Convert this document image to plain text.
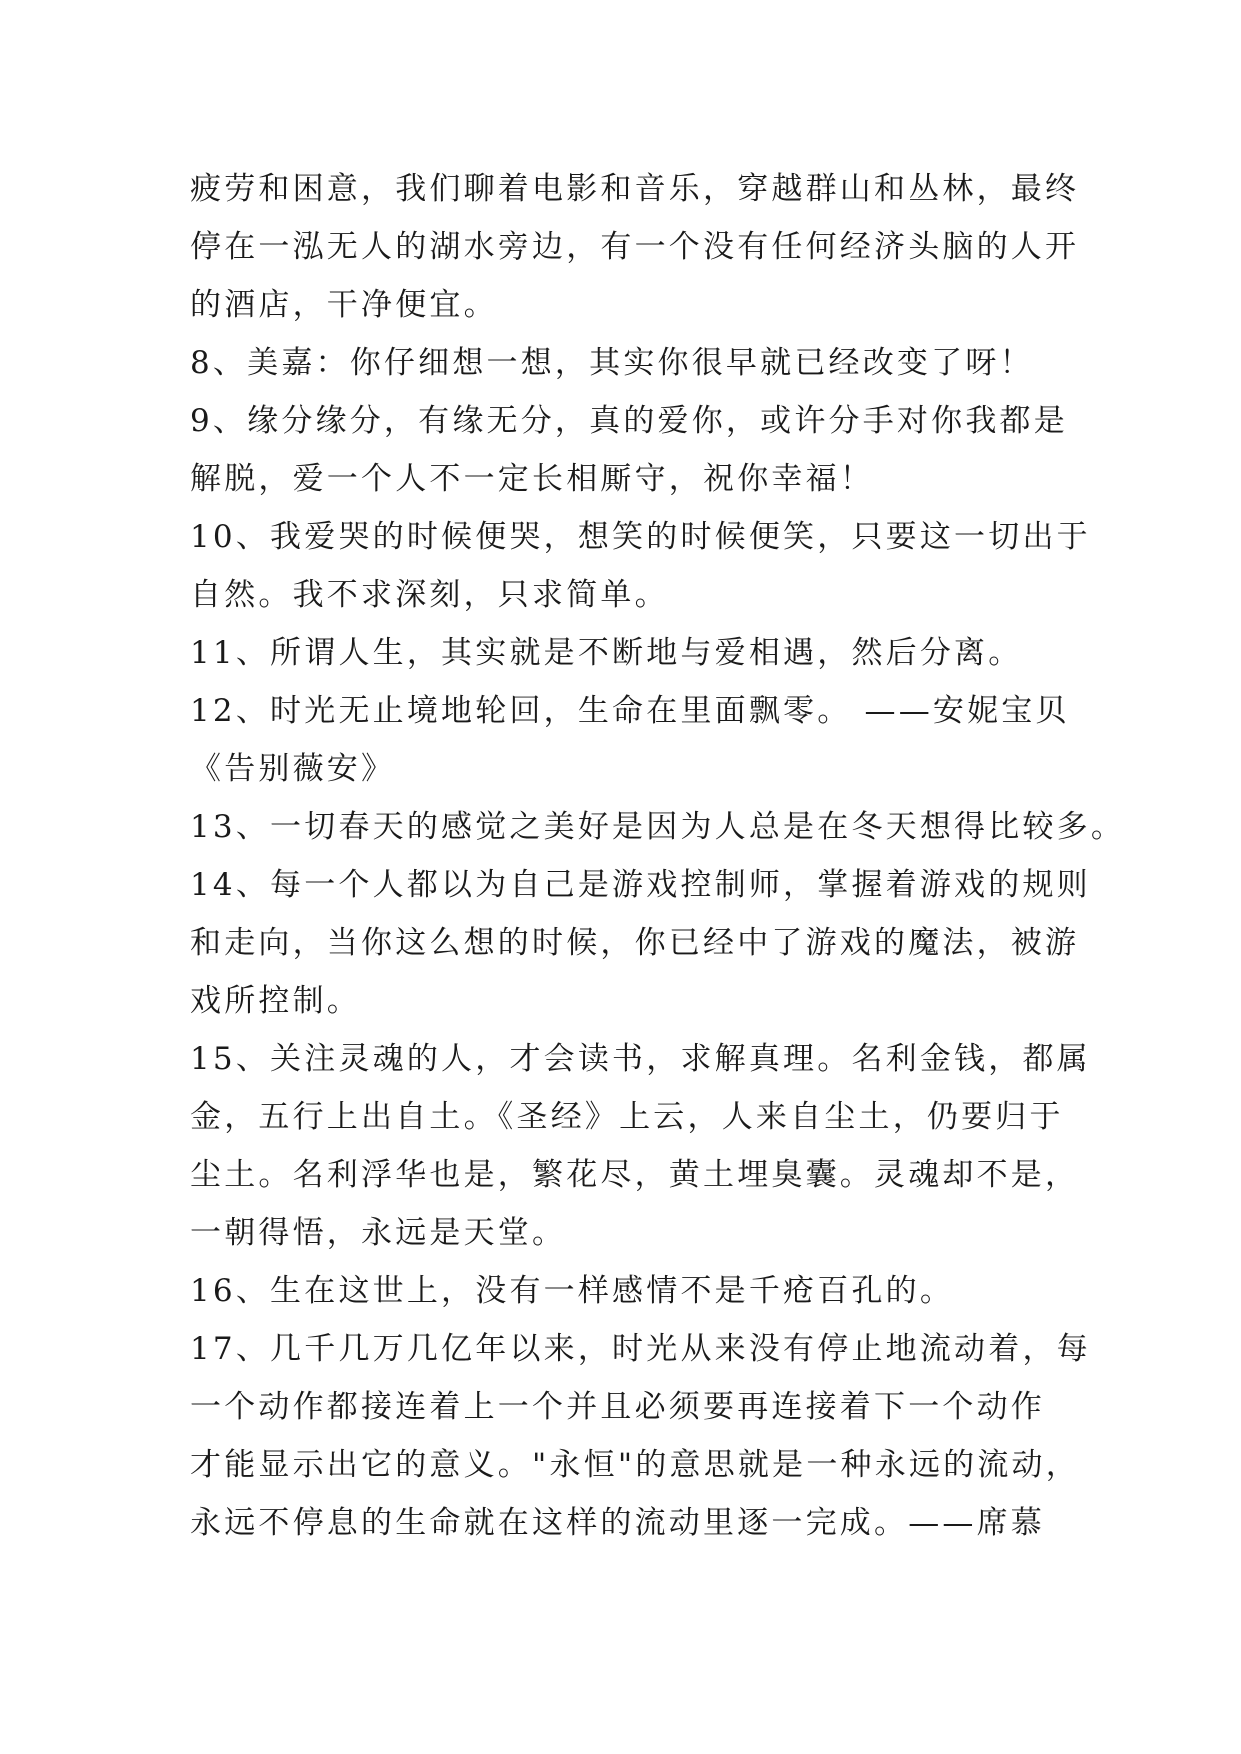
疲劳和困意，我们聊着电影和音乐，穿越群山和丛林，最终
停在一泓无人的湖水旁边，有一个没有任何经济头脑的人开
的酒店，干净便宜。
8、美嘉：你仔细想一想，其实你很早就已经改变了呀！
9、缘分缘分，有缘无分，真的爱你，或许分手对你我都是
解脱，爱一个人不一定长相厮守，祝你幸福！
10、我爱哭的时候便哭，想笑的时候便笑，只要这一切出于
自然。我不求深刻，只求简单。
11、所谓人生，其实就是不断地与爱相遇，然后分离。
12、时光无止境地轮回，生命在里面飘零。 ——安妮宝贝
《告别薇安》
13、一切春天的感觉之美好是因为人总是在冬天想得比较多。
14、每一个人都以为自己是游戏控制师，掌握着游戏的规则
和走向，当你这么想的时候，你已经中了游戏的魔法，被游
戏所控制。
15、关注灵魂的人，才会读书，求解真理。名利金钱，都属
金，五行上出自土。《圣经》上云，人来自尘土，仍要归于
尘土。名利浮华也是，繁花尽，黄土埋臭囊。灵魂却不是，
一朝得悟，永远是天堂。
16、生在这世上，没有一样感情不是千疮百孔的。
17、几千几万几亿年以来，时光从来没有停止地流动着，每
一个动作都接连着上一个并且必须要再连接着下一个动作
才能显示出它的意义。"永恒"的意思就是一种永远的流动，
永远不停息的生命就在这样的流动里逐一完成。——席慕
